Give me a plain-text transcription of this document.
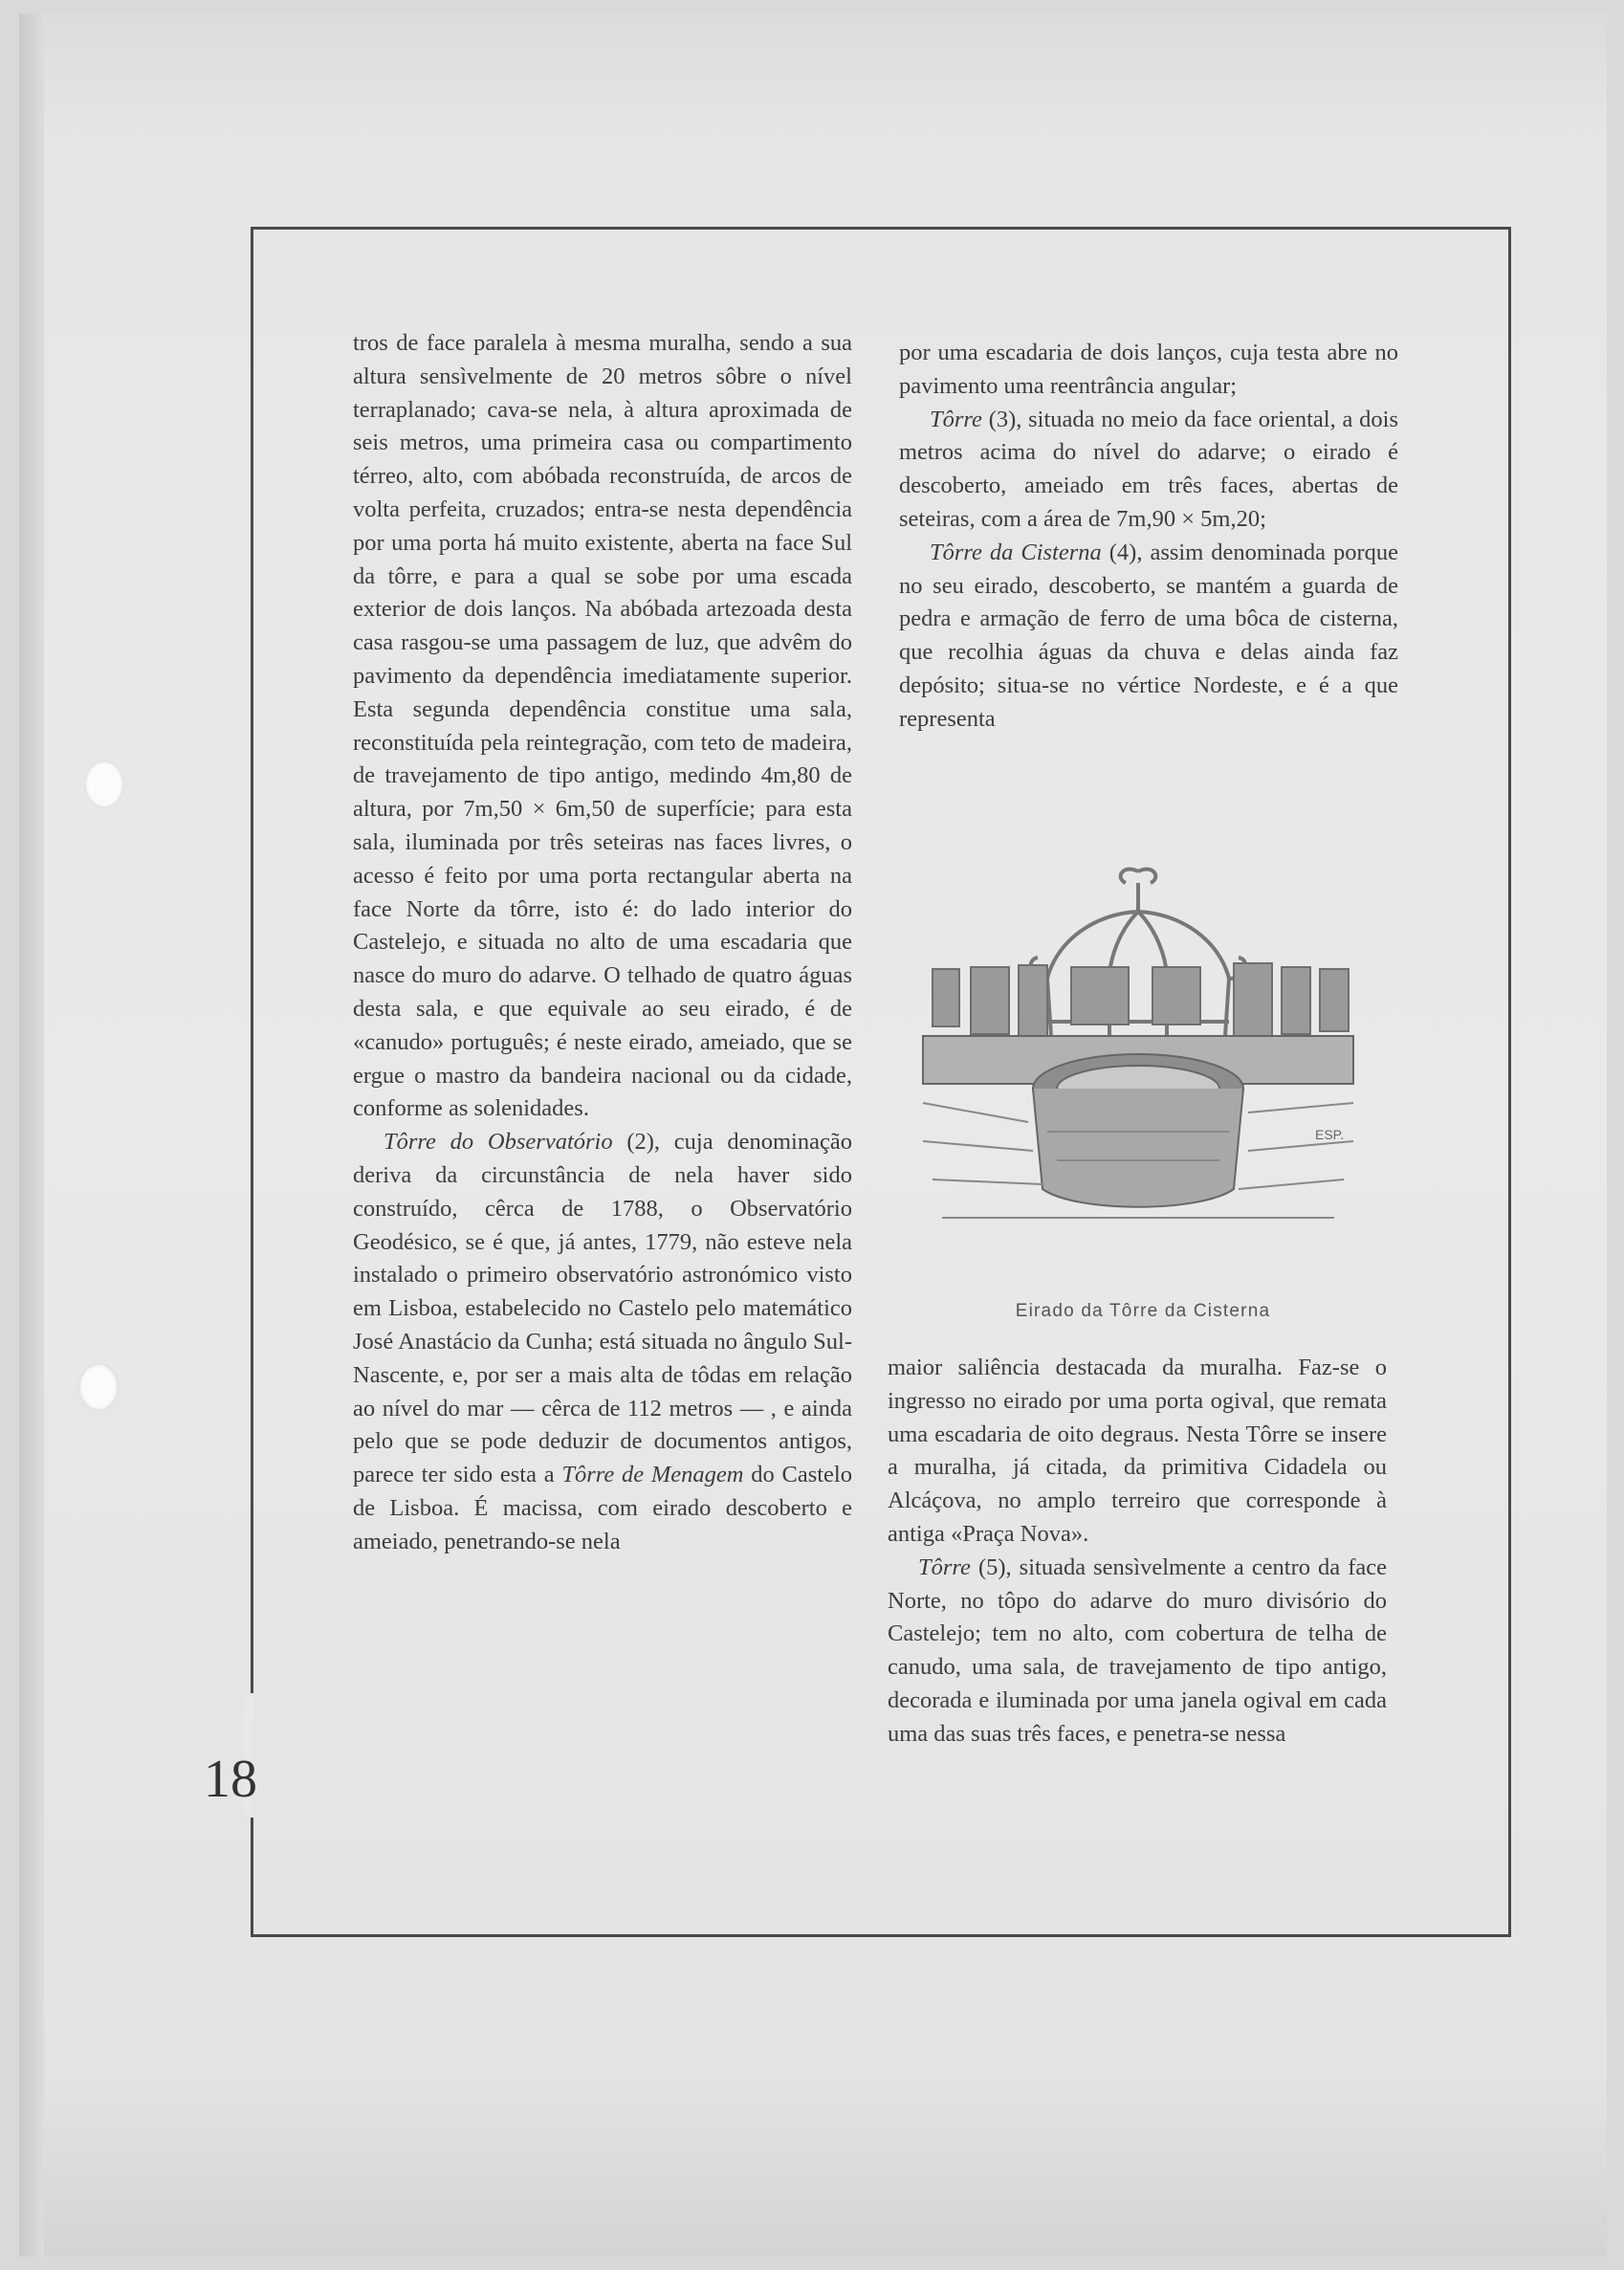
18

tros de face paralela à mesma muralha, sendo a sua altura sensìvelmente de 20 metros sôbre o nível terraplanado; cava-se nela, à altura aproximada de seis metros, uma primeira casa ou compartimento térreo, alto, com abóbada reconstruída, de arcos de volta perfeita, cruzados; entra-se nesta dependência por uma porta há muito existente, aberta na face Sul da tôrre, e para a qual se sobe por uma escada exterior de dois lanços. Na abóbada artezoada desta casa rasgou-se uma passagem de luz, que advêm do pavimento da dependência imediatamente superior. Esta segunda dependência constitue uma sala, reconstituída pela reintegração, com teto de madeira, de travejamento de tipo antigo, medindo 4m,80 de altura, por 7m,50 × 6m,50 de superfície; para esta sala, iluminada por três seteiras nas faces livres, o acesso é feito por uma porta rectangular aberta na face Norte da tôrre, isto é: do lado interior do Castelejo, e situada no alto de uma escadaria que nasce do muro do adarve. O telhado de quatro águas desta sala, e que equivale ao seu eirado, é de «canudo» português; é neste eirado, ameiado, que se ergue o mastro da bandeira nacional ou da cidade, conforme as solenidades.

Tôrre do Observatório (2), cuja denominação deriva da circunstância de nela haver sido construído, cêrca de 1788, o Observatório Geodésico, se é que, já antes, 1779, não esteve nela instalado o primeiro observatório astronómico visto em Lisboa, estabelecido no Castelo pelo matemático José Anastácio da Cunha; está situada no ângulo Sul-Nascente, e, por ser a mais alta de tôdas em relação ao nível do mar — cêrca de 112 metros — , e ainda pelo que se pode deduzir de documentos antigos, parece ter sido esta a Tôrre de Menagem do Castelo de Lisboa. É macissa, com eirado descoberto e ameiado, penetrando-se nela

por uma escadaria de dois lanços, cuja testa abre no pavimento uma reentrância angular;

Tôrre (3), situada no meio da face oriental, a dois metros acima do nível do adarve; o eirado é descoberto, ameiado em três faces, abertas de seteiras, com a área de 7m,90 × 5m,20;

Tôrre da Cisterna (4), assim denominada porque no seu eirado, descoberto, se mantém a guarda de pedra e armação de ferro de uma bôca de cisterna, que recolhia águas da chuva e delas ainda faz depósito; situa-se no vértice Nordeste, e é a que representa

ESP.
Eirado da Tôrre da Cisterna

maior saliência destacada da muralha. Faz-se o ingresso no eirado por uma porta ogival, que remata uma escadaria de oito degraus. Nesta Tôrre se insere a muralha, já citada, da primitiva Cidadela ou Alcáçova, no amplo terreiro que corresponde à antiga «Praça Nova».

Tôrre (5), situada sensìvelmente a centro da face Norte, no tôpo do adarve do muro divisório do Castelejo; tem no alto, com cobertura de telha de canudo, uma sala, de travejamento de tipo antigo, decorada e iluminada por uma janela ogival em cada uma das suas três faces, e penetra-se nessa
